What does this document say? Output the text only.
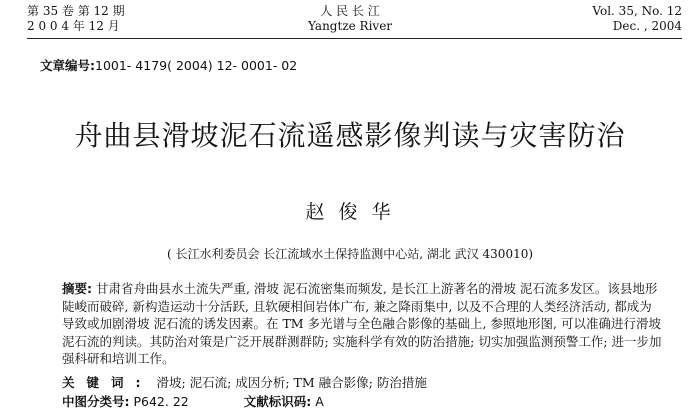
第 35 卷 第 12 期
2 0 0 4 年 12 月
人 民 长 江
Yangtze River
Vol. 35, No. 12
Dec. , 2004
文章编号:1001- 4179( 2004) 12- 0001- 02
舟曲县滑坡泥石流遥感影像判读与灾害防治
赵 俊 华
( 长江水利委员会 长江流域水土保持监测中心站, 湖北 武汉 430010)
摘要: 甘肃省舟曲县水土流失严重, 滑坡 泥石流密集而频发, 是长江上游著名的滑坡 泥石流多发区。该县地形陡峻而破碎, 新构造运动十分活跃, 且软硬相间岩体广布, 兼之降雨集中, 以及不合理的人类经济活动, 都成为导致或加剧滑坡 泥石流的诱发因素。在 TM 多光谱与全色融合影像的基础上, 参照地形图, 可以准确进行滑坡 泥石流的判读。其防治对策是广泛开展群测群防; 实施科学有效的防治措施; 切实加强监测预警工作; 进一步加强科研和培训工作。
关键词: 滑坡; 泥石流; 成因分析; TM 融合影像; 防治措施
中图分类号: P642. 22	文献标识码: A
